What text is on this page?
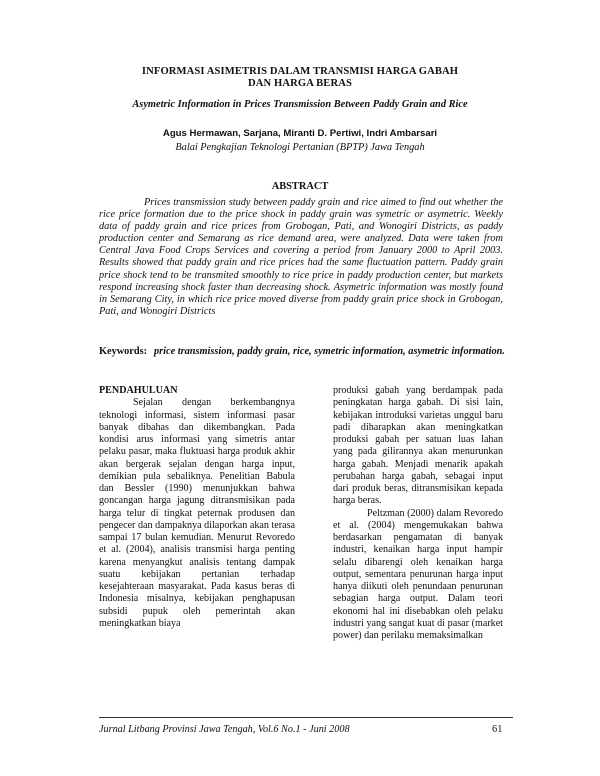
INFORMASI ASIMETRIS DALAM TRANSMISI HARGA GABAH
DAN HARGA BERAS
Asymetric Information in Prices Transmission Between Paddy Grain and Rice
Agus Hermawan, Sarjana, Miranti D. Pertiwi, Indri Ambarsari
Balai Pengkajian Teknologi Pertanian (BPTP) Jawa Tengah
ABSTRACT

Prices transmission study between paddy grain and rice aimed to find out whether the rice price formation due to the price shock in paddy grain was symetric or asymetric. Weekly data of paddy grain and rice prices from Grobogan, Pati, and Wonogiri Districts, as paddy production center and Semarang as rice demand area, were analyzed. Data were taken from Central Java Food Crops Services and covering a period from January 2000 to April 2003. Results showed that paddy grain and rice prices had the same fluctuation pattern. Paddy grain price shock tend to be transmited smoothly to rice price in paddy production center, but markets respond increasing shock faster than decreasing shock. Asymetric information was mostly found in Semarang City, in which rice price moved diverse from paddy grain price shock in Grobogan, Pati, and Wonogiri Districts

Keywords: price transmission, paddy grain, rice, symetric information, asymetric information.
PENDAHULUAN

Sejalan dengan berkembangnya teknologi informasi, sistem informasi pasar banyak dibahas dan dikembangkan. Pada kondisi arus informasi yang simetris antar pelaku pasar, maka fluktuasi harga produk akhir akan bergerak sejalan dengan harga input, demikian pula sebaliknya. Penelitian Babula dan Bessler (1990) menunjukkan bahwa goncangan harga jagung ditransmisikan pada harga telur di tingkat peternak produsen dan pengecer dan dampaknya dilaporkan akan terasa sampai 17 bulan kemudian. Menurut Revoredo et al. (2004), analisis transmisi harga penting karena menyangkut analisis tentang dampak suatu kebijakan pertanian terhadap kesejahteraan masyarakat. Pada kasus beras di Indonesia misalnya, kebijakan penghapusan subsidi pupuk oleh pemerintah akan meningkatkan biaya

produksi gabah yang berdampak pada peningkatan harga gabah. Di sisi lain, kebijakan introduksi varietas unggul baru padi diharapkan akan meningkatkan produksi gabah per satuan luas lahan yang pada gilirannya akan menurunkan harga gabah. Menjadi menarik apakah perubahan harga gabah, sebagai input dari produk beras, ditransmisikan kepada harga beras.

Peltzman (2000) dalam Revoredo et al. (2004) mengemukakan bahwa berdasarkan pengamatan di banyak industri, kenaikan harga input hampir selalu dibarengi oleh kenaikan harga output, sementara penurunan harga input hanya diikuti oleh penundaan penurunan sebagian harga output. Dalam teori ekonomi hal ini disebabkan oleh pelaku industri yang sangat kuat di pasar (market power) dan perilaku memaksimalkan

Jurnal Litbang Provinsi Jawa Tengah, Vol.6 No.1 - Juni 2008	61
